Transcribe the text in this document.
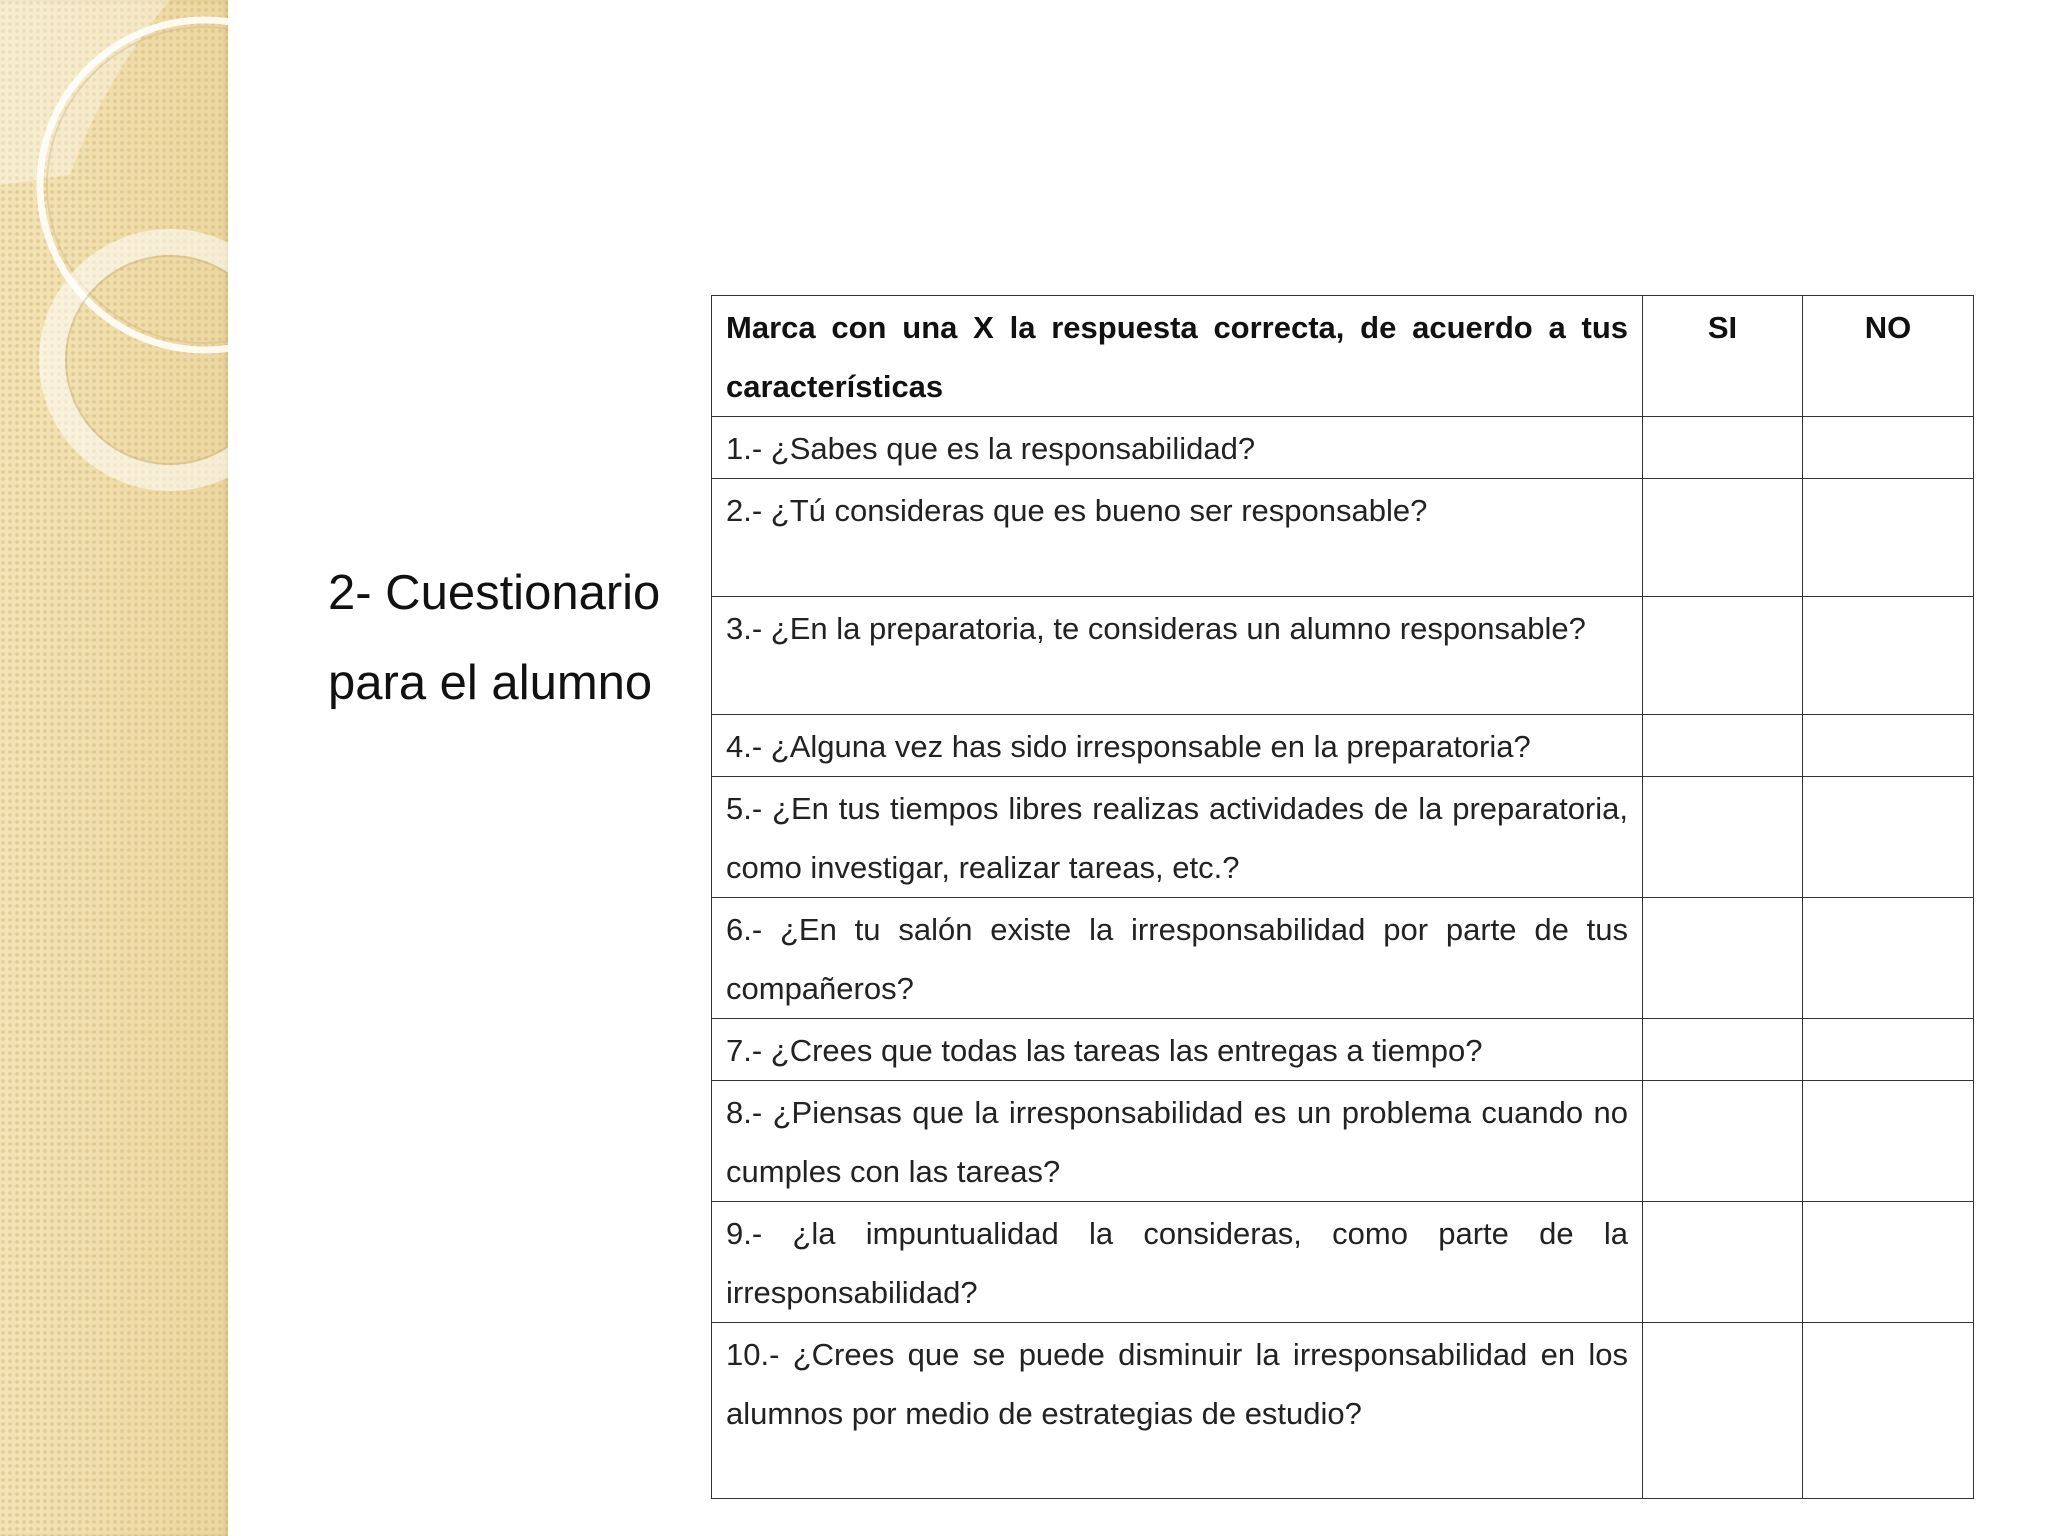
2- Cuestionario
para el alumno
Marca con una X la respuesta correcta, de acuerdo a tus características	SI	NO
1.- ¿Sabes que es la responsabilidad?		
2.- ¿Tú consideras que es bueno ser responsable?		
3.- ¿En la preparatoria, te consideras un alumno responsable?		
4.- ¿Alguna vez has sido irresponsable en la preparatoria?		
5.- ¿En tus tiempos libres realizas actividades de la preparatoria, como investigar, realizar tareas, etc.?		
6.- ¿En tu salón existe la irresponsabilidad por parte de tus compañeros?		
7.- ¿Crees que todas las tareas las entregas a tiempo?		
8.- ¿Piensas que la irresponsabilidad es un problema cuando no cumples con las tareas?		
9.- ¿la impuntualidad la consideras, como parte de la irresponsabilidad?		
10.- ¿Crees que se puede disminuir la irresponsabilidad en los alumnos por medio de estrategias de estudio?		
